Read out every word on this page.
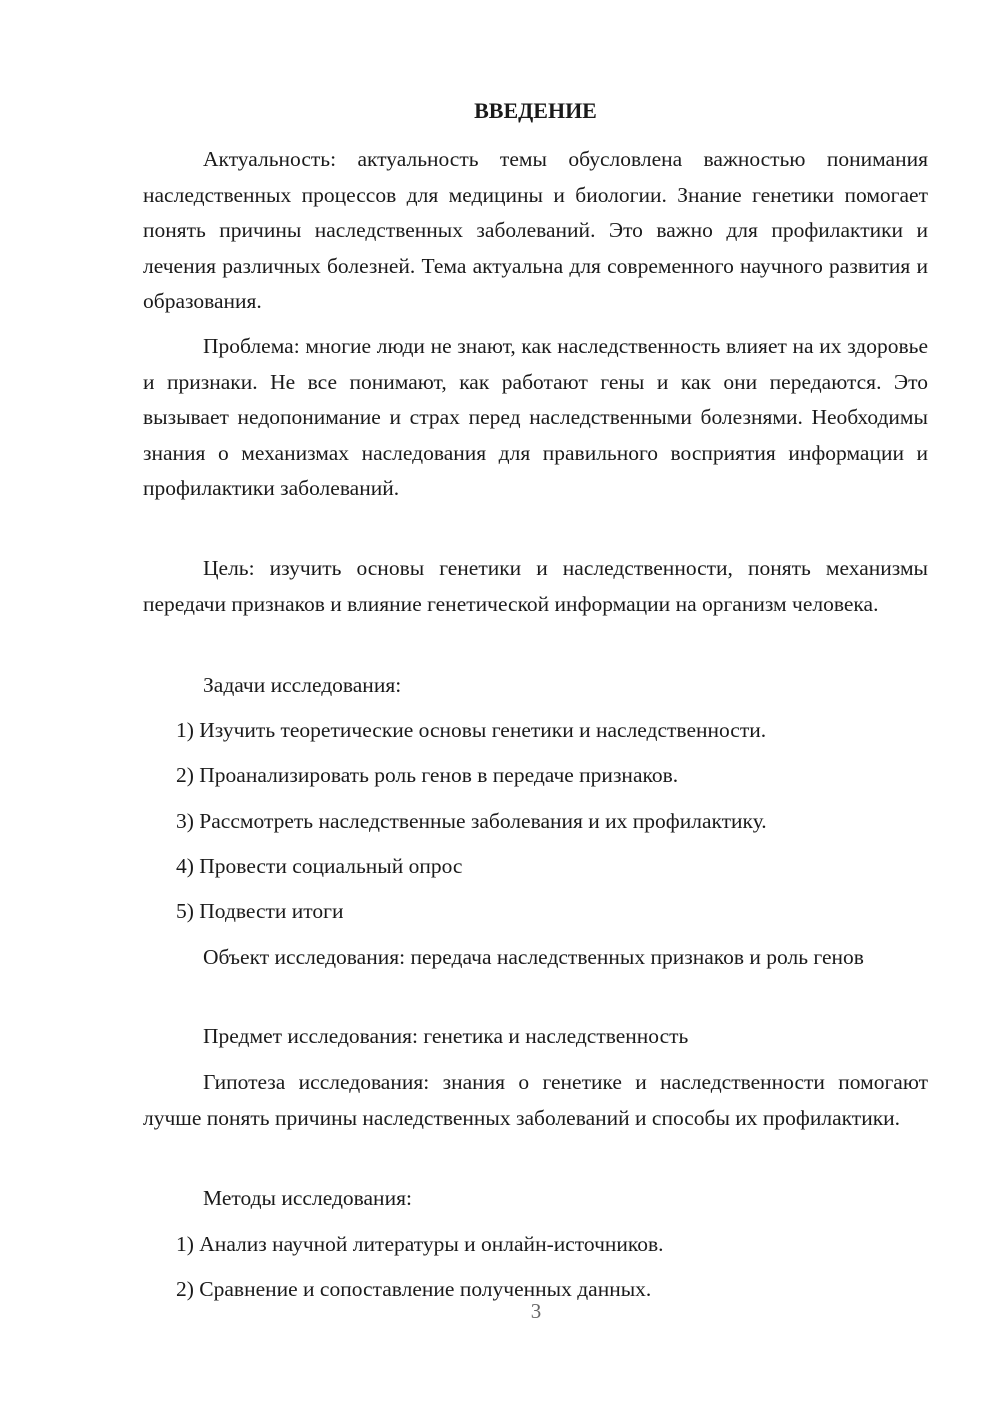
ВВЕДЕНИЕ

Актуальность: актуальность темы обусловлена важностью понимания наследственных процессов для медицины и биологии. Знание генетики помогает понять причины наследственных заболеваний. Это важно для профилактики и лечения различных болезней. Тема актуальна для современного научного развития и образования.

Проблема: многие люди не знают, как наследственность влияет на их здоровье и признаки. Не все понимают, как работают гены и как они передаются. Это вызывает недопонимание и страх перед наследственными болезнями. Необходимы знания о механизмах наследования для правильного восприятия информации и профилактики заболеваний.

Цель: изучить основы генетики и наследственности, понять механизмы передачи признаков и влияние генетической информации на организм человека.

Задачи исследования:

1) Изучить теоретические основы генетики и наследственности.

2) Проанализировать роль генов в передаче признаков.

3) Рассмотреть наследственные заболевания и их профилактику.

4) Провести социальный опрос

5) Подвести итоги

Объект исследования: передача наследственных признаков и роль генов

Предмет исследования: генетика и наследственность

Гипотеза исследования: знания о генетике и наследственности помогают лучше понять причины наследственных заболеваний и способы их профилактики.

Методы исследования:

1) Анализ научной литературы и онлайн-источников.

2) Сравнение и сопоставление полученных данных.

3
